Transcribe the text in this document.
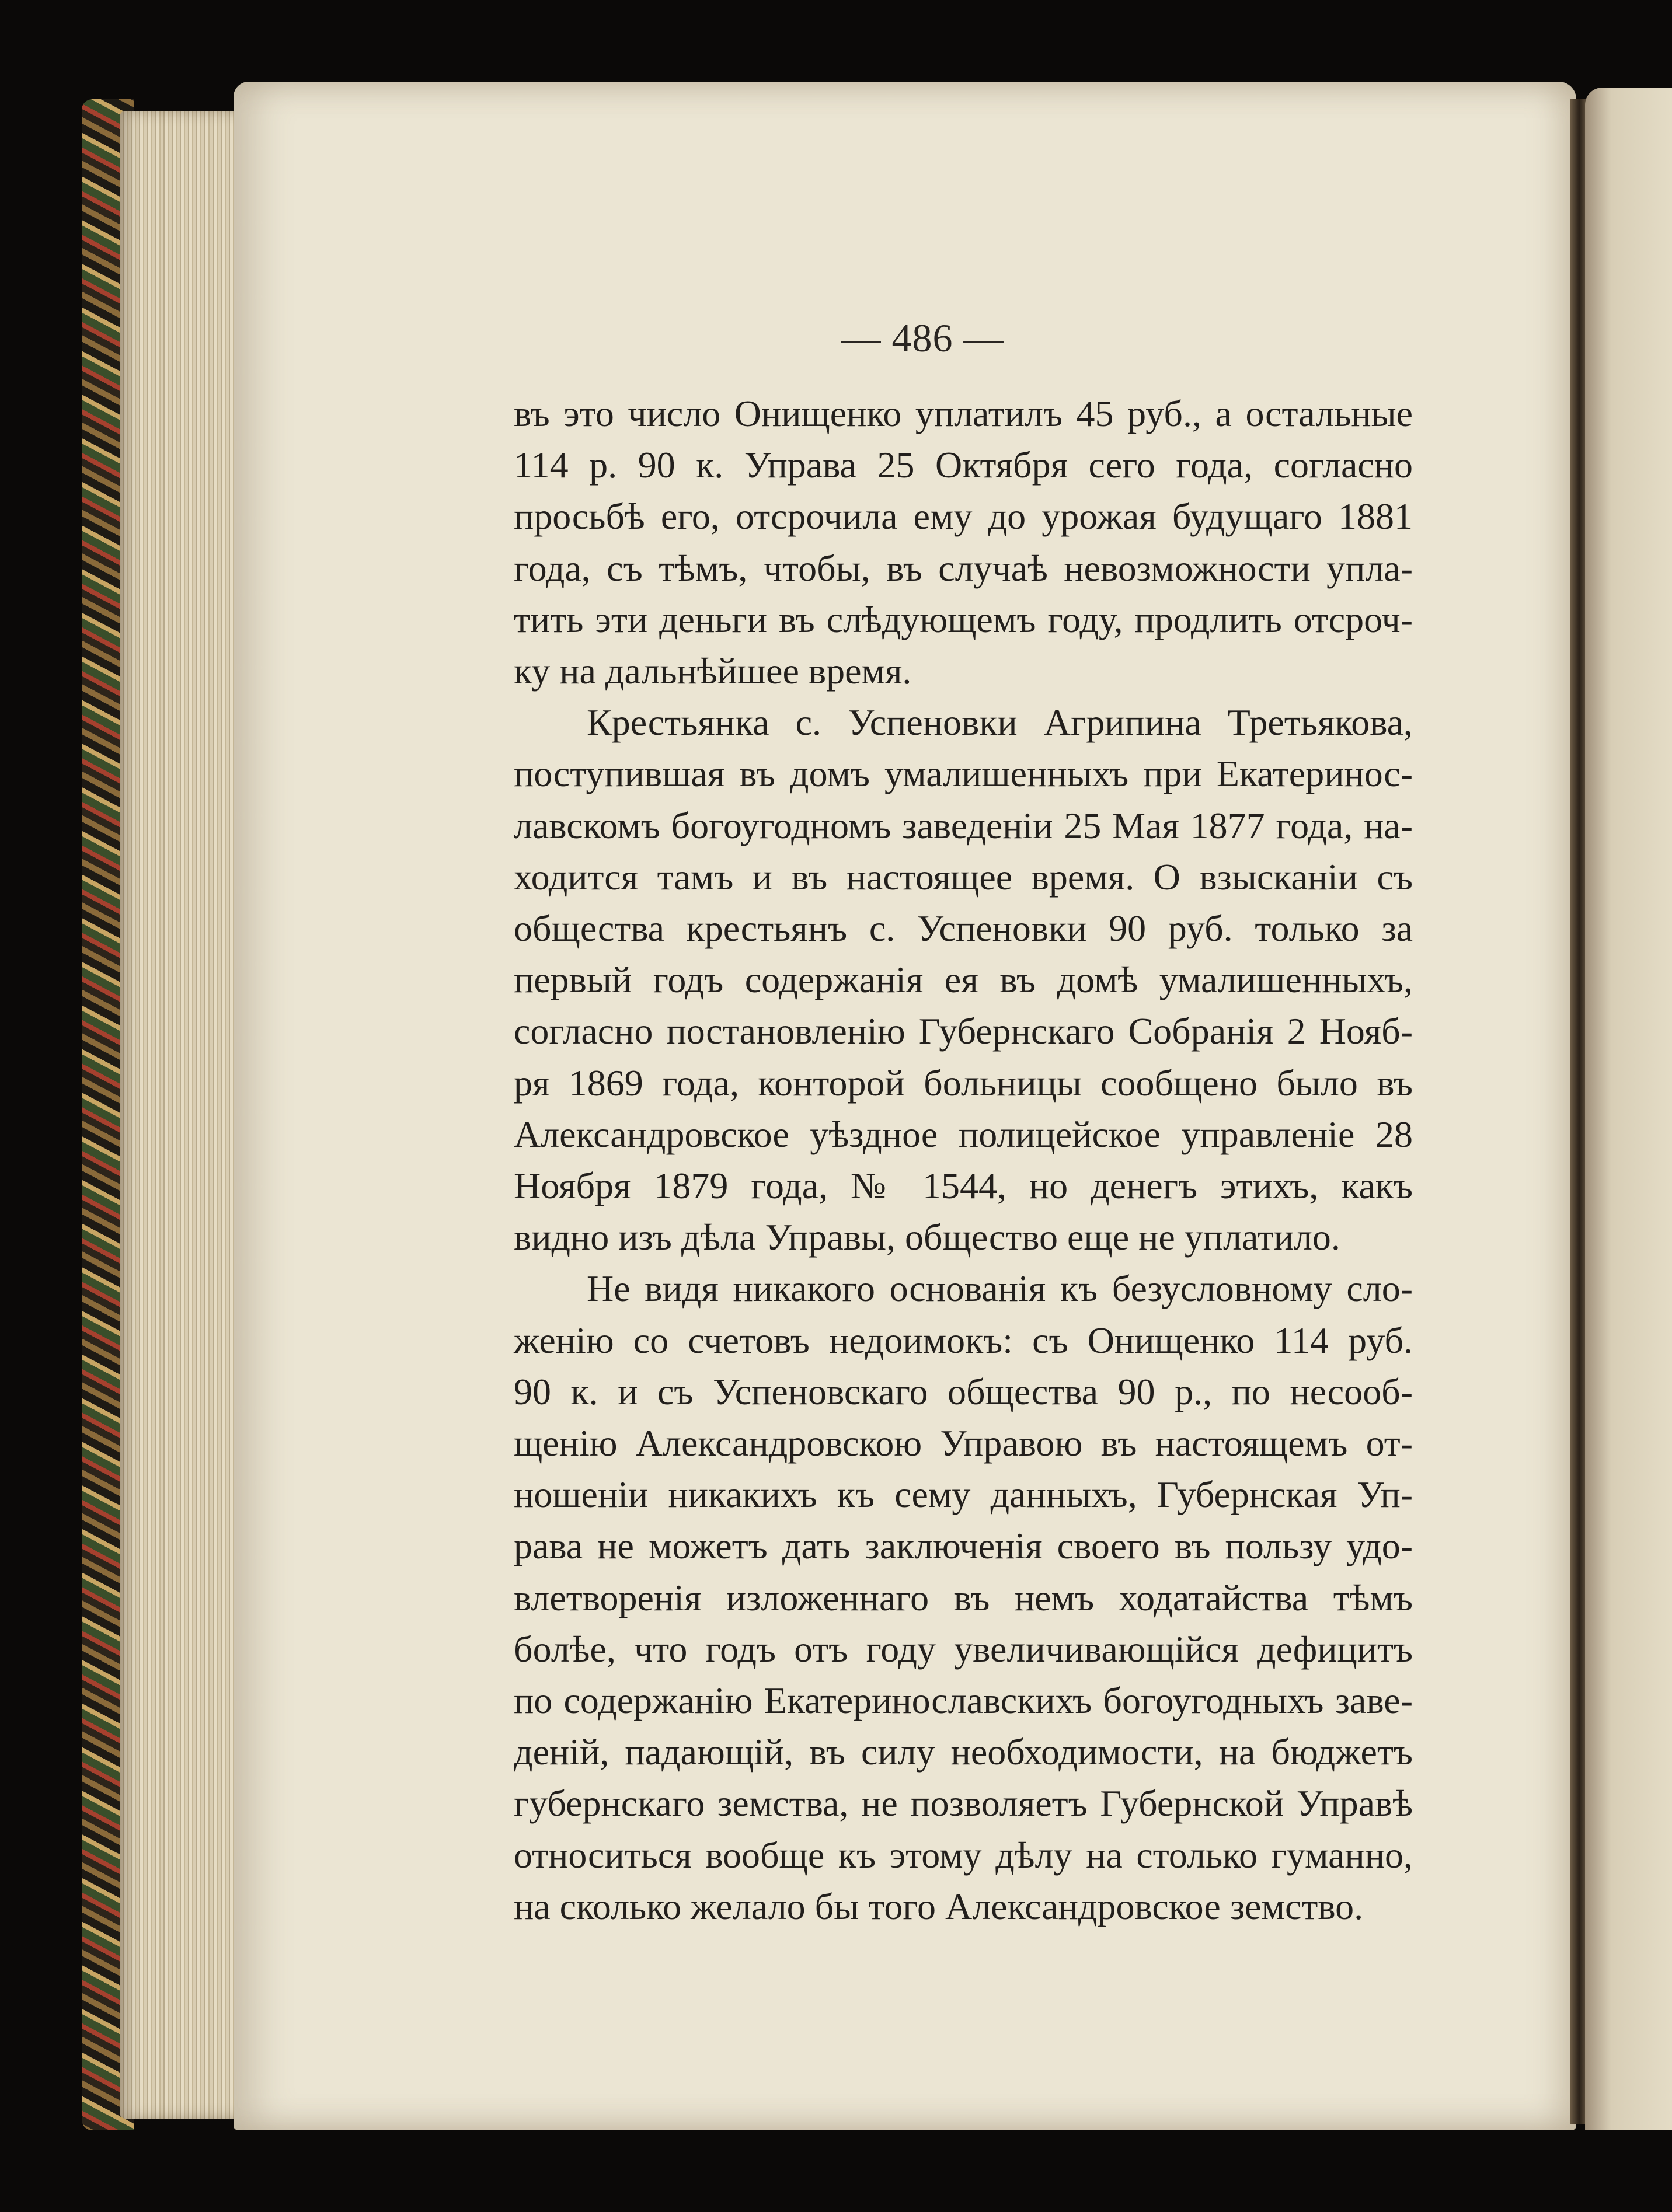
— 486 —
въ это число Онищенко уплатилъ 45 руб., а остальные
114 р. 90 к. Управа 25 Октября сего года, согласно
просьбѣ его, отсрочила ему до урожая будущаго 1881
года, съ тѣмъ, чтобы, въ случаѣ невозможности упла-
тить эти деньги въ слѣдующемъ году, продлить отсроч-
ку на дальнѣйшее время.
Крестьянка с. Успеновки Агрипина Третьякова,
поступившая въ домъ умалишенныхъ при Екатеринос-
лавскомъ богоугодномъ заведеніи 25 Мая 1877 года, на-
ходится тамъ и въ настоящее время. О взысканіи съ
общества крестьянъ с. Успеновки 90 руб. только за
первый годъ содержанія ея въ домѣ умалишенныхъ,
согласно постановленію Губернскаго Собранія 2 Нояб-
ря 1869 года, конторой больницы сообщено было въ
Александровское уѣздное полицейское управленіе 28
Ноября 1879 года, № 1544, но денегъ этихъ, какъ
видно изъ дѣла Управы, общество еще не уплатило.
Не видя никакого основанія къ безусловному сло-
женію со счетовъ недоимокъ: съ Онищенко 114 руб.
90 к. и съ Успеновскаго общества 90 р., по несооб-
щенію Александровскою Управою въ настоящемъ от-
ношеніи никакихъ къ сему данныхъ, Губернская Уп-
рава не можетъ дать заключенія своего въ пользу удо-
влетворенія изложеннаго въ немъ ходатайства тѣмъ
болѣе, что годъ отъ году увеличивающійся дефицитъ
по содержанію Екатеринославскихъ богоугодныхъ заве-
деній, падающій, въ силу необходимости, на бюджетъ
губернскаго земства, не позволяетъ Губернской Управѣ
относиться вообще къ этому дѣлу на столько гуманно,
на сколько желало бы того Александровское земство.
